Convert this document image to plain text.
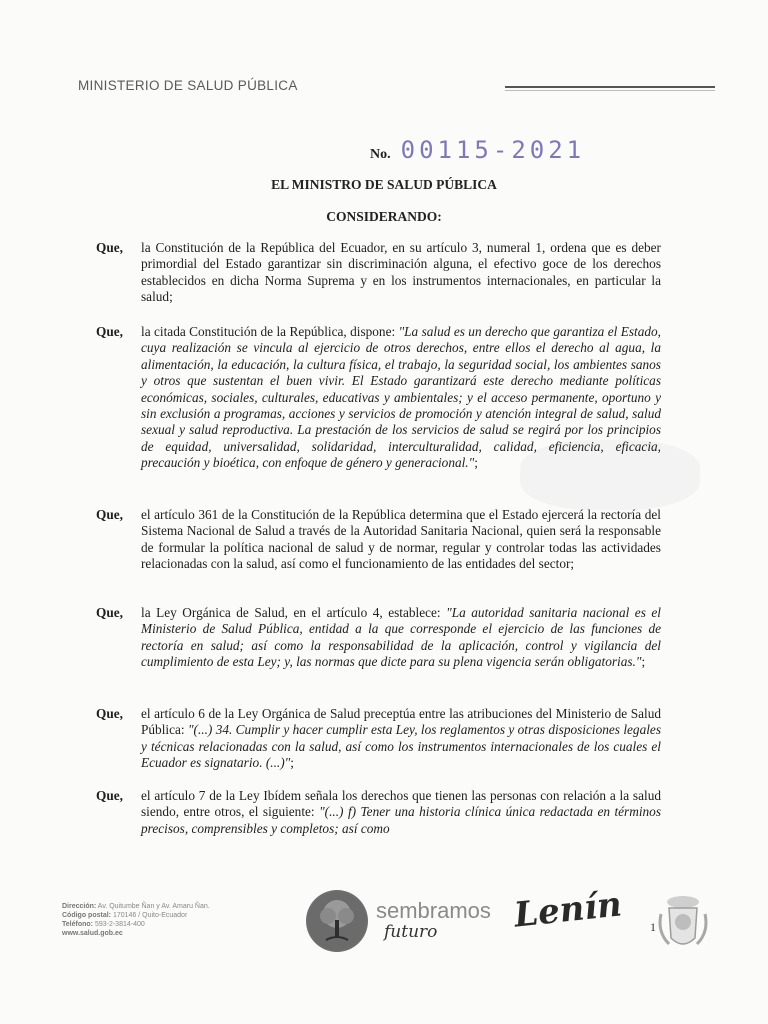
MINISTERIO DE SALUD PÚBLICA
No. 00115-2021
EL MINISTRO DE SALUD PÚBLICA
CONSIDERANDO:
Que, la Constitución de la República del Ecuador, en su artículo 3, numeral 1, ordena que es deber primordial del Estado garantizar sin discriminación alguna, el efectivo goce de los derechos establecidos en dicha Norma Suprema y en los instrumentos internacionales, en particular la salud;
Que, la citada Constitución de la República, dispone: "La salud es un derecho que garantiza el Estado, cuya realización se vincula al ejercicio de otros derechos, entre ellos el derecho al agua, la alimentación, la educación, la cultura física, el trabajo, la seguridad social, los ambientes sanos y otros que sustentan el buen vivir. El Estado garantizará este derecho mediante políticas económicas, sociales, culturales, educativas y ambientales; y el acceso permanente, oportuno y sin exclusión a programas, acciones y servicios de promoción y atención integral de salud, salud sexual y salud reproductiva. La prestación de los servicios de salud se regirá por los principios de equidad, universalidad, solidaridad, interculturalidad, calidad, eficiencia, eficacia, precaución y bioética, con enfoque de género y generacional.";
Que, el artículo 361 de la Constitución de la República determina que el Estado ejercerá la rectoría del Sistema Nacional de Salud a través de la Autoridad Sanitaria Nacional, quien será la responsable de formular la política nacional de salud y de normar, regular y controlar todas las actividades relacionadas con la salud, así como el funcionamiento de las entidades del sector;
Que, la Ley Orgánica de Salud, en el artículo 4, establece: "La autoridad sanitaria nacional es el Ministerio de Salud Pública, entidad a la que corresponde el ejercicio de las funciones de rectoría en salud; así como la responsabilidad de la aplicación, control y vigilancia del cumplimiento de esta Ley; y, las normas que dicte para su plena vigencia serán obligatorias.";
Que, el artículo 6 de la Ley Orgánica de Salud preceptúa entre las atribuciones del Ministerio de Salud Pública: "(...) 34. Cumplir y hacer cumplir esta Ley, los reglamentos y otras disposiciones legales y técnicas relacionadas con la salud, así como los instrumentos internacionales de los cuales el Ecuador es signatario. (...)";
Que, el artículo 7 de la Ley Ibídem señala los derechos que tienen las personas con relación a la salud siendo, entre otros, el siguiente: "(...) f) Tener una historia clínica única redactada en términos precisos, comprensibles y completos; así como
Dirección: Av. Quitumbe Ñan y Av. Amaru Ñan.
Código postal: 170146 / Quito-Ecuador
Teléfono: 593-2-3814-400
www.salud.gob.ec
sembramos
futuro Lenín 1
